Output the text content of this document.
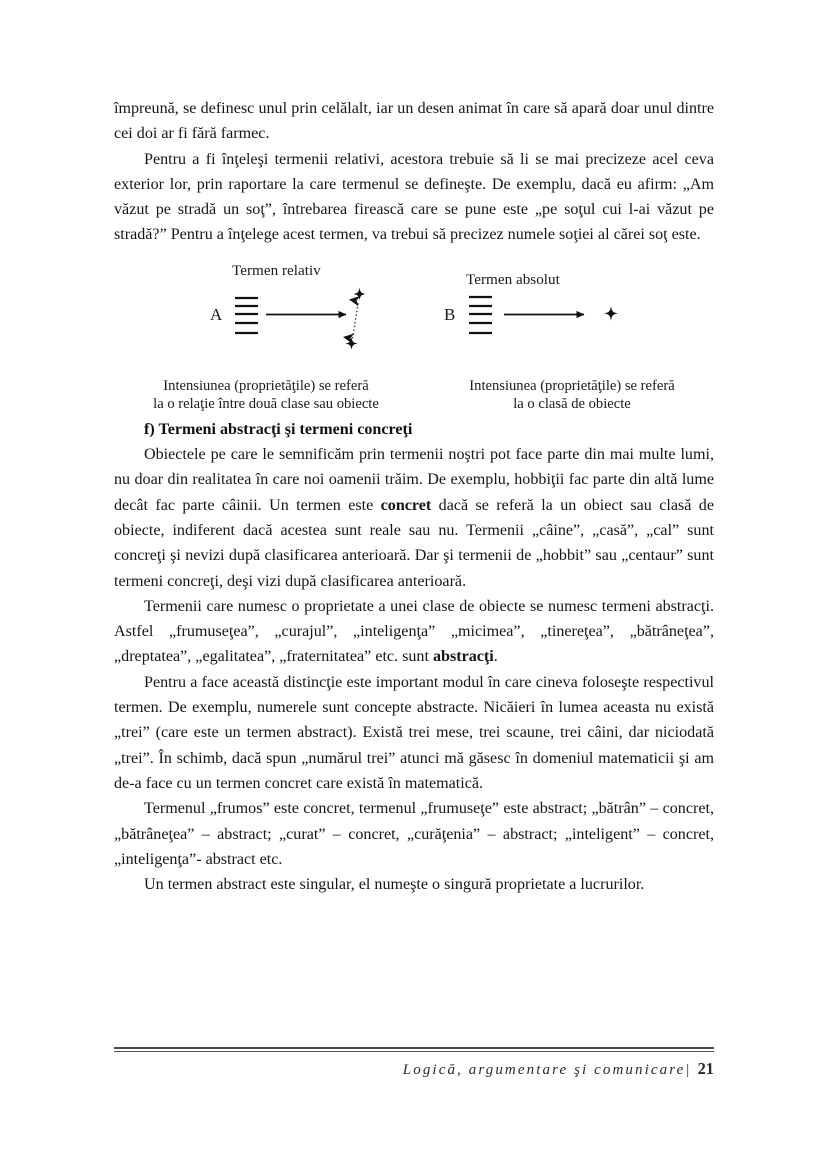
împreună, se definesc unul prin celălalt, iar un desen animat în care să apară doar unul dintre cei doi ar fi fără farmec.

Pentru a fi înţeleşi termenii relativi, acestora trebuie să li se mai precizeze acel ceva exterior lor, prin raportare la care termenul se defineşte. De exemplu, dacă eu afirm: „Am văzut pe stradă un soţ”, întrebarea firească care se pune este „pe soţul cui l-ai văzut pe stradă?” Pentru a înţelege acest termen, va trebui să precizez numele soţiei al cărei soţ este.

Termen relativ
Termen absolut
A	B
Intensiunea (proprietăţile) se referă
la o relaţie între două clase sau obiecte
Intensiunea (proprietăţile) se referă
la o clasă de obiecte
f) Termeni abstracţi şi termeni concreţi

Obiectele pe care le semnificăm prin termenii noştri pot face parte din mai multe lumi, nu doar din realitatea în care noi oamenii trăim. De exemplu, hobbiţii fac parte din altă lume decât fac parte câinii. Un termen este concret dacă se referă la un obiect sau clasă de obiecte, indiferent dacă acestea sunt reale sau nu. Termenii „câine”, „casă”, „cal” sunt concreţi şi nevizi după clasificarea anterioară. Dar şi termenii de „hobbit” sau „centaur” sunt termeni concreţi, deşi vizi după clasificarea anterioară.

Termenii care numesc o proprietate a unei clase de obiecte se numesc termeni abstracţi. Astfel „frumuseţea”, „curajul”, „inteligenţa” „micimea”, „tinereţea”, „bătrâneţea”, „dreptatea”, „egalitatea”, „fraternitatea” etc. sunt abstracţi.

Pentru a face această distincţie este important modul în care cineva foloseşte respectivul termen. De exemplu, numerele sunt concepte abstracte. Nicăieri în lumea aceasta nu există „trei” (care este un termen abstract). Există trei mese, trei scaune, trei câini, dar niciodată „trei”. În schimb, dacă spun „numărul trei” atunci mă găsesc în domeniul matematicii şi am de-a face cu un termen concret care există în matematică.

Termenul „frumos” este concret, termenul „frumuseţe” este abstract; „bătrân” – concret, „bătrâneţea” – abstract; „curat” – concret, „curăţenia” – abstract; „inteligent” – concret, „inteligenţa”- abstract etc.

Un termen abstract este singular, el numeşte o singură proprietate a lucrurilor.

Logică, argumentare şi comunicare| 21
